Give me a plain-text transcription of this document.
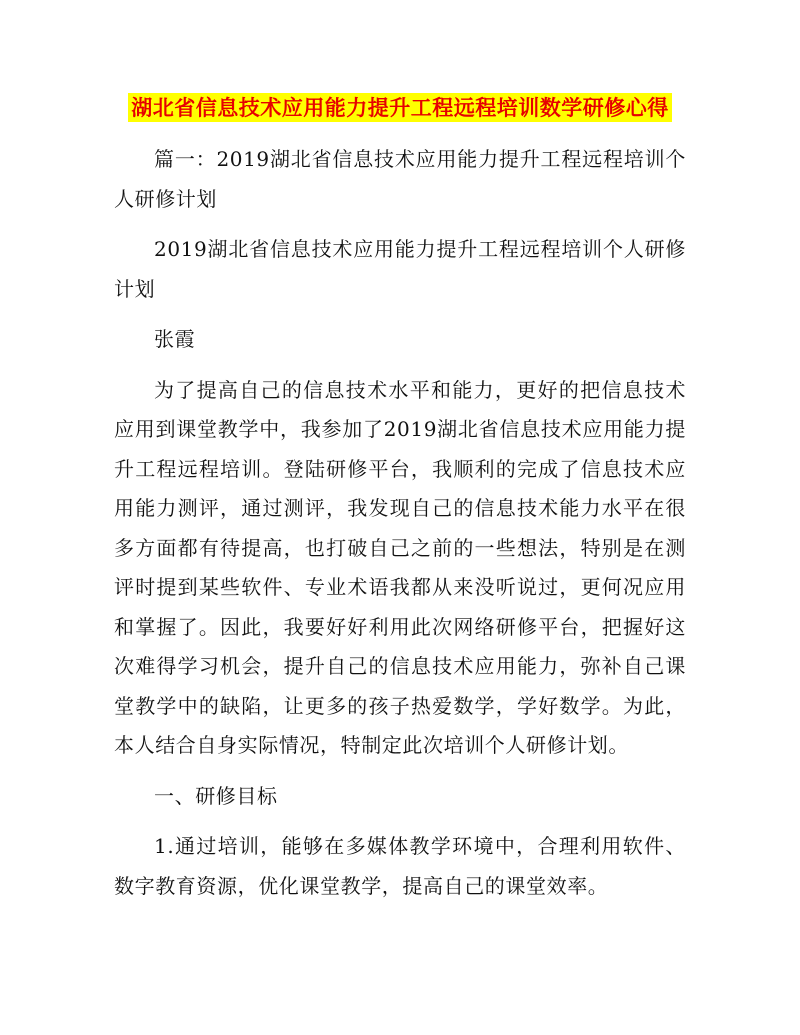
湖北省信息技术应用能力提升工程远程培训数学研修心得

篇一：2019湖北省信息技术应用能力提升工程远程培训个人研修计划

2019湖北省信息技术应用能力提升工程远程培训个人研修计划

张霞

为了提高自己的信息技术水平和能力，更好的把信息技术应用到课堂教学中，我参加了2019湖北省信息技术应用能力提升工程远程培训。登陆研修平台，我顺利的完成了信息技术应用能力测评，通过测评，我发现自己的信息技术能力水平在很多方面都有待提高，也打破自己之前的一些想法，特别是在测评时提到某些软件、专业术语我都从来没听说过，更何况应用和掌握了。因此，我要好好利用此次网络研修平台，把握好这次难得学习机会，提升自己的信息技术应用能力，弥补自己课堂教学中的缺陷，让更多的孩子热爱数学，学好数学。为此，本人结合自身实际情况，特制定此次培训个人研修计划。

一、研修目标

1.通过培训，能够在多媒体教学环境中，合理利用软件、数字教育资源，优化课堂教学，提高自己的课堂效率。
